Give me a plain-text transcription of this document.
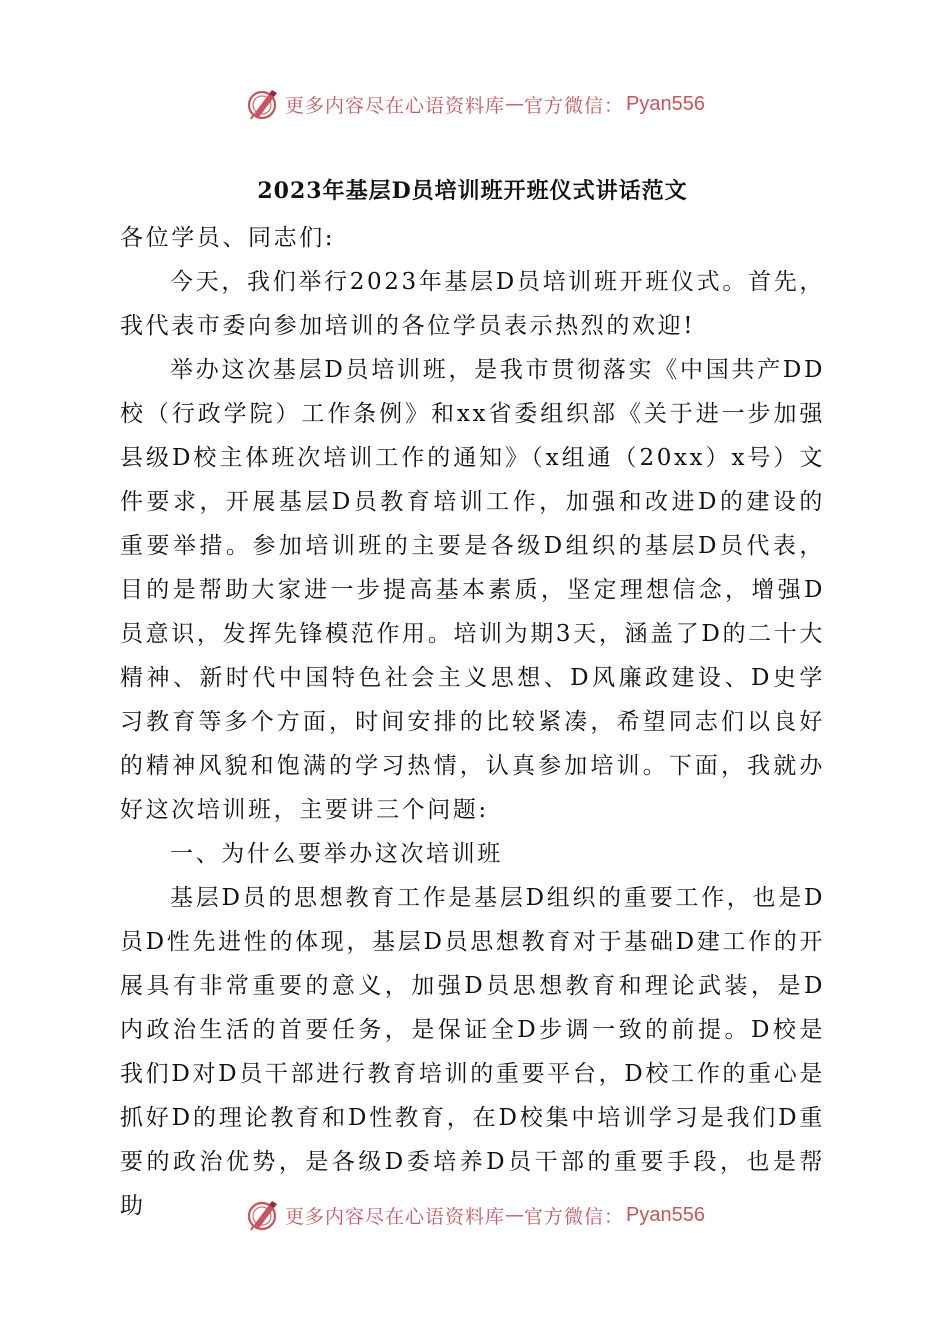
更多内容尽在心语资料库 — 官方微信： Pyan556
2023年基层D员培训班开班仪式讲话范文

各位学员、同志们:

今天，我们举行2023年基层D员培训班开班仪式。首先，我代表市委向参加培训的各位学员表示热烈的欢迎!

举办这次基层D员培训班，是我市贯彻落实《中国共产DD校（行政学院）工作条例》和xx省委组织部《关于进一步加强县级D校主体班次培训工作的通知》（x组通（20xx）x号）文件要求，开展基层D员教育培训工作，加强和改进D的建设的重要举措。参加培训班的主要是各级D组织的基层D员代表，目的是帮助大家进一步提高基本素质，坚定理想信念，增强D员意识，发挥先锋模范作用。培训为期3天，涵盖了D的二十大精神、新时代中国特色社会主义思想、D风廉政建设、D史学习教育等多个方面，时间安排的比较紧凑，希望同志们以良好的精神风貌和饱满的学习热情，认真参加培训。下面，我就办好这次培训班，主要讲三个问题:

一、为什么要举办这次培训班

基层D员的思想教育工作是基层D组织的重要工作，也是D员D性先进性的体现，基层D员思想教育对于基础D建工作的开展具有非常重要的意义，加强D员思想教育和理论武装，是D内政治生活的首要任务，是保证全D步调一致的前提。D校是我们D对D员干部进行教育培训的重要平台，D校工作的重心是抓好D的理论教育和D性教育，在D校集中培训学习是我们D重要的政治优势，是各级D委培养D员干部的重要手段，也是帮助	更多内容尽在心语资料库 — 官方微信： Pyan556
